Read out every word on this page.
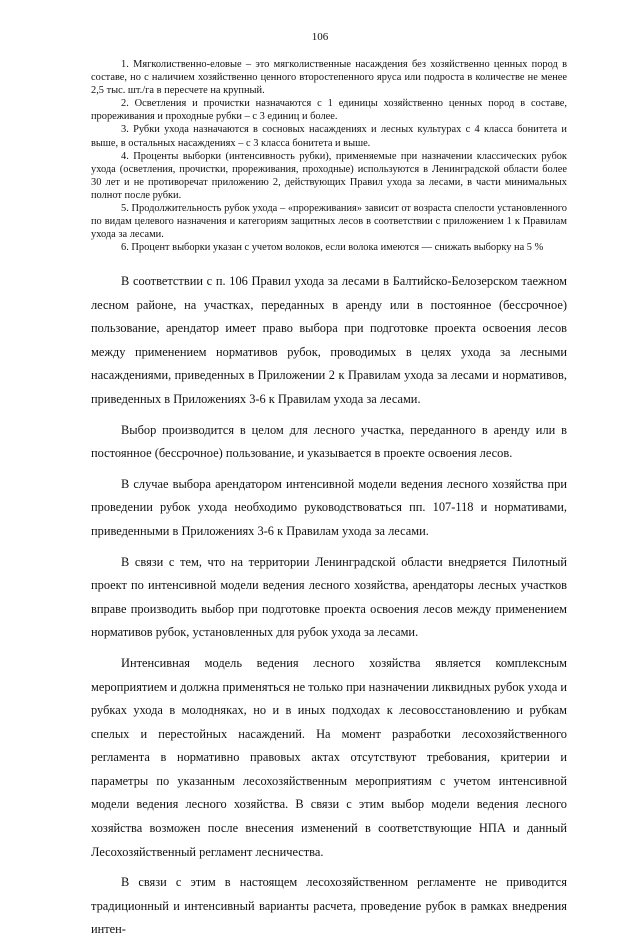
106

1. Мягколиственно-еловые – это мягколиственные насаждения без хозяйственно ценных пород в составе, но с наличием хозяйственно ценного второстепенного яруса или подроста в количестве не менее 2,5 тыс. шт./га в пересчете на крупный.

2. Осветления и прочистки назначаются с 1 единицы хозяйственно ценных пород в составе, прореживания и проходные рубки – с 3 единиц и более.

3. Рубки ухода назначаются в сосновых насаждениях и лесных культурах с 4 класса бонитета и выше, в остальных насаждениях – с 3 класса бонитета и выше.

4. Проценты выборки (интенсивность рубки), применяемые при назначении классических рубок ухода (осветления, прочистки, прореживания, проходные) используются в Ленинградской области более 30 лет и не противоречат приложению 2, действующих Правил ухода за лесами, в части минимальных полнот после рубки.

5. Продолжительность рубок ухода – «прореживания» зависит от возраста спелости установленного по видам целевого назначения и категориям защитных лесов в соответствии с приложением 1 к Правилам ухода за лесами.

6. Процент выборки указан с учетом волоков, если волока имеются — снижать выборку на 5 %

В соответствии с п. 106 Правил ухода за лесами в Балтийско-Белозерском таежном лесном районе, на участках, переданных в аренду или в постоянное (бессрочное) пользование, арендатор имеет право выбора при подготовке проекта освоения лесов между применением нормативов рубок, проводимых в целях ухода за лесными насаждениями, приведенных в Приложении 2 к Правилам ухода за лесами и нормативов, приведенных в Приложениях 3-6 к Правилам ухода за лесами.

Выбор производится в целом для лесного участка, переданного в аренду или в постоянное (бессрочное) пользование, и указывается в проекте освоения лесов.

В случае выбора арендатором интенсивной модели ведения лесного хозяйства при проведении рубок ухода необходимо руководствоваться пп. 107-118 и нормативами, приведенными в Приложениях 3-6 к Правилам ухода за лесами.

В связи с тем, что на территории Ленинградской области внедряется Пилотный проект по интенсивной модели ведения лесного хозяйства, арендаторы лесных участков вправе производить выбор при подготовке проекта освоения лесов между применением нормативов рубок, установленных для рубок ухода за лесами.

Интенсивная модель ведения лесного хозяйства является комплексным мероприятием и должна применяться не только при назначении ликвидных рубок ухода и рубках ухода в молодняках, но и в иных подходах к лесовосстановлению и рубкам спелых и перестойных насаждений. На момент разработки лесохозяйственного регламента в нормативно правовых актах отсутствуют требования, критерии и параметры по указанным лесохозяйственным мероприятиям с учетом интенсивной модели ведения лесного хозяйства. В связи с этим выбор модели ведения лесного хозяйства возможен после внесения изменений в соответствующие НПА и данный Лесохозяйственный регламент лесничества.

В связи с этим в настоящем лесохозяйственном регламенте не приводится традиционный и интенсивный варианты расчета, проведение рубок в рамках внедрения интен-
